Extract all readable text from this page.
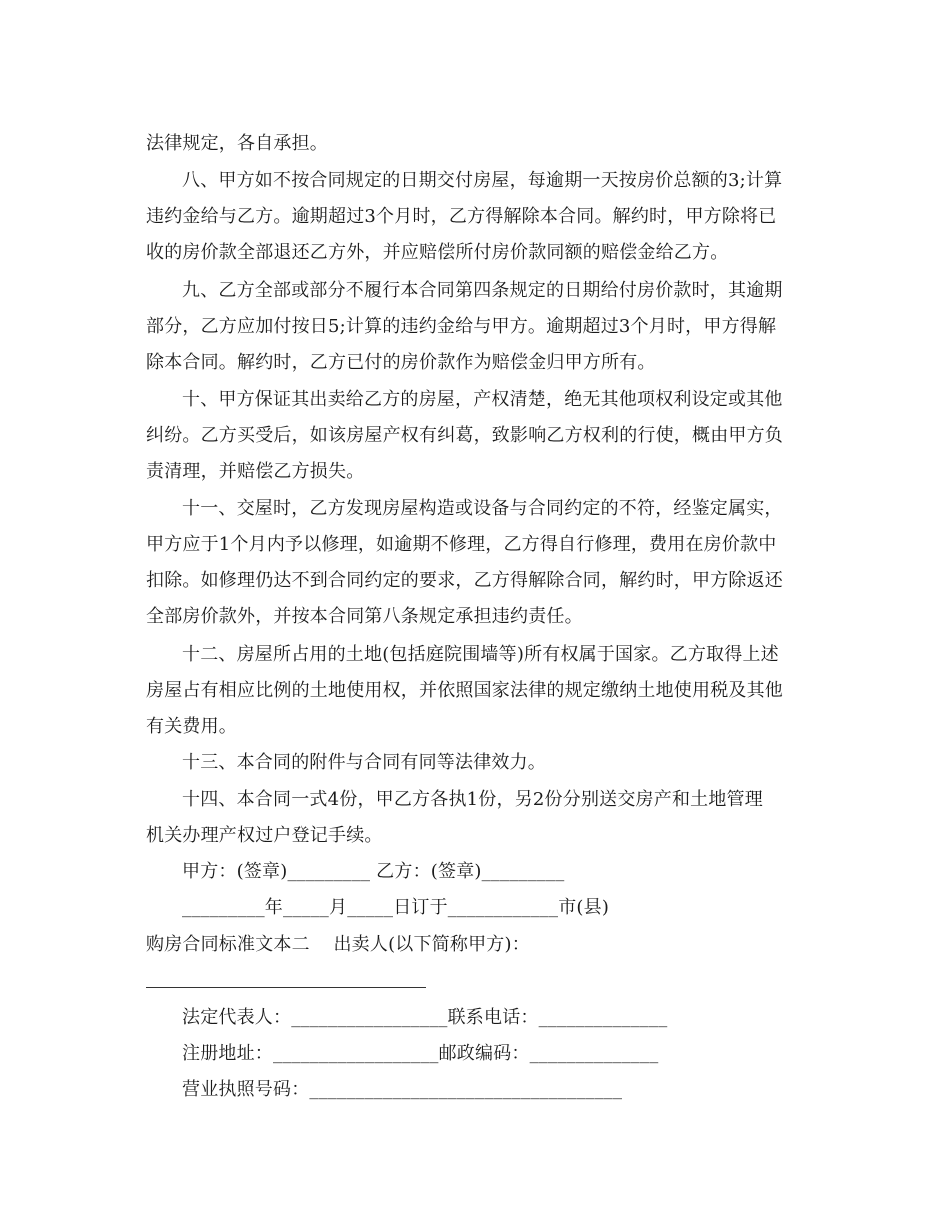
法律规定，各自承担。
八、甲方如不按合同规定的日期交付房屋，每逾期一天按房价总额的3;计算
违约金给与乙方。逾期超过3个月时，乙方得解除本合同。解约时，甲方除将已
收的房价款全部退还乙方外，并应赔偿所付房价款同额的赔偿金给乙方。
九、乙方全部或部分不履行本合同第四条规定的日期给付房价款时，其逾期
部分，乙方应加付按日5;计算的违约金给与甲方。逾期超过3个月时，甲方得解
除本合同。解约时，乙方已付的房价款作为赔偿金归甲方所有。
十、甲方保证其出卖给乙方的房屋，产权清楚，绝无其他项权利设定或其他
纠纷。乙方买受后，如该房屋产权有纠葛，致影响乙方权利的行使，概由甲方负
责清理，并赔偿乙方损失。
十一、交屋时，乙方发现房屋构造或设备与合同约定的不符，经鉴定属实，
甲方应于1个月内予以修理，如逾期不修理，乙方得自行修理，费用在房价款中
扣除。如修理仍达不到合同约定的要求，乙方得解除合同，解约时，甲方除返还
全部房价款外，并按本合同第八条规定承担违约责任。
十二、房屋所占用的土地(包括庭院围墙等)所有权属于国家。乙方取得上述
房屋占有相应比例的土地使用权，并依照国家法律的规定缴纳土地使用税及其他
有关费用。
十三、本合同的附件与合同有同等法律效力。
十四、本合同一式4份，甲乙方各执1份，另2份分别送交房产和土地管理
机关办理产权过户登记手续。
甲方：(签章)_________ 乙方：(签章)_________
_________年_____月_____日订于____________市(县)
购房合同标准文本二    出卖人(以下简称甲方)：
法定代表人：_________________联系电话：______________
注册地址：__________________邮政编码：______________
营业执照号码：__________________________________
